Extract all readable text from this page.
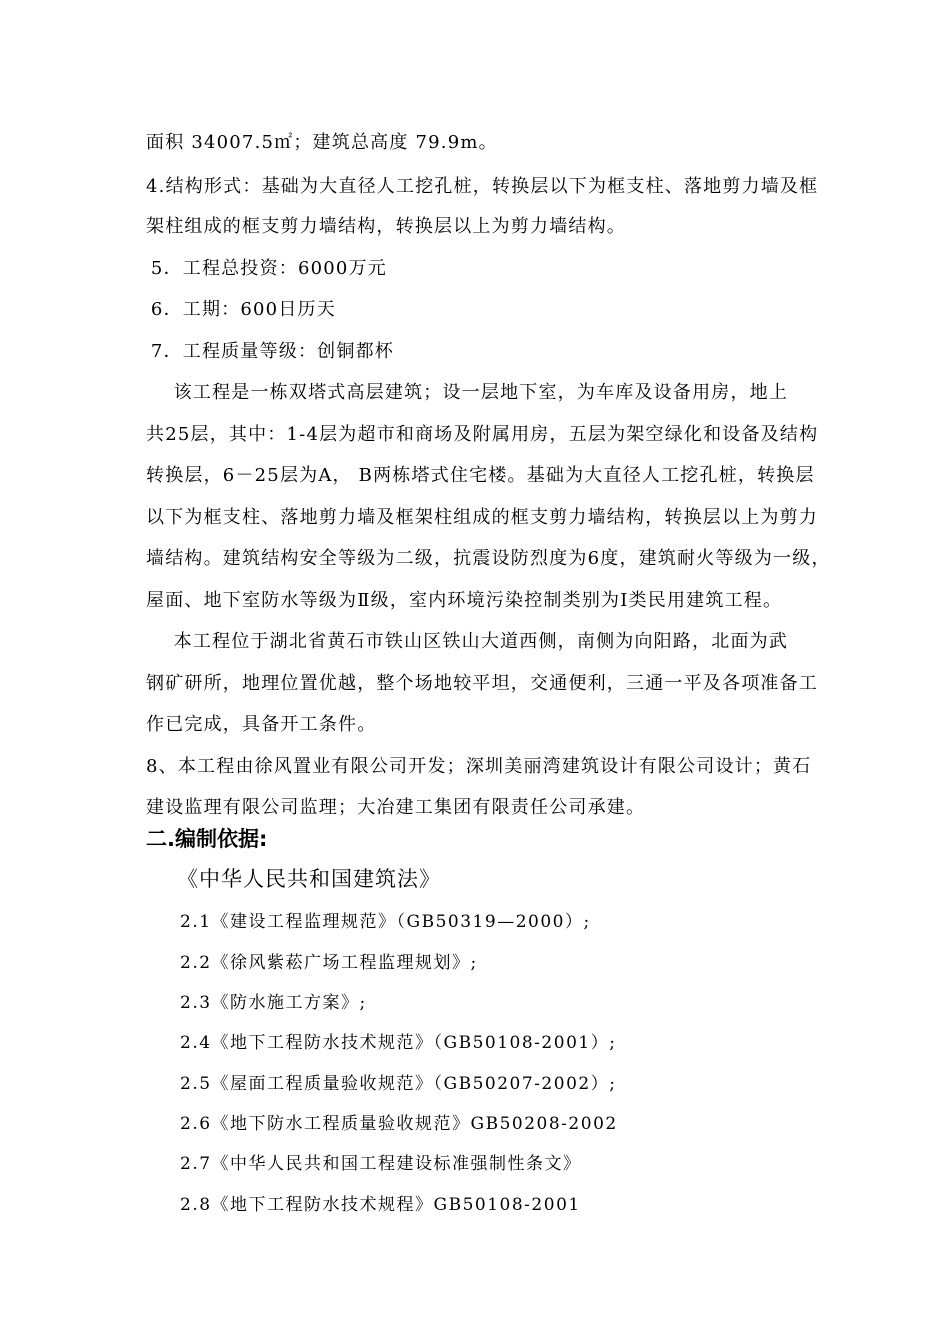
面积 34007.5㎡；建筑总高度 79.9m。
4.结构形式：基础为大直径人工挖孔桩，转换层以下为框支柱、落地剪力墙及框
架柱组成的框支剪力墙结构，转换层以上为剪力墙结构。
5．工程总投资：6000万元
6．工期：600日历天
7．工程质量等级：创铜都杯
该工程是一栋双塔式高层建筑；设一层地下室，为车库及设备用房，地上
共25层，其中：1-4层为超市和商场及附属用房，五层为架空绿化和设备及结构
转换层，6－25层为A， B两栋塔式住宅楼。基础为大直径人工挖孔桩，转换层
以下为框支柱、落地剪力墙及框架柱组成的框支剪力墙结构，转换层以上为剪力
墙结构。建筑结构安全等级为二级，抗震设防烈度为6度，建筑耐火等级为一级，
屋面、地下室防水等级为Ⅱ级，室内环境污染控制类别为Ⅰ类民用建筑工程。
本工程位于湖北省黄石市铁山区铁山大道西侧，南侧为向阳路，北面为武
钢矿研所，地理位置优越，整个场地较平坦，交通便利，三通一平及各项准备工
作已完成，具备开工条件。
8、本工程由徐风置业有限公司开发；深圳美丽湾建筑设计有限公司设计；黄石
建设监理有限公司监理；大冶建工集团有限责任公司承建。
二.编制依据:
《中华人民共和国建筑法》
2.1《建设工程监理规范》（GB50319—2000）;
2.2《徐风紫菘广场工程监理规划》;
2.3《防水施工方案》;
2.4《地下工程防水技术规范》（GB50108-2001）;
2.5《屋面工程质量验收规范》（GB50207-2002）;
2.6《地下防水工程质量验收规范》GB50208-2002
2.7《中华人民共和国工程建设标准强制性条文》
2.8《地下工程防水技术规程》GB50108-2001
